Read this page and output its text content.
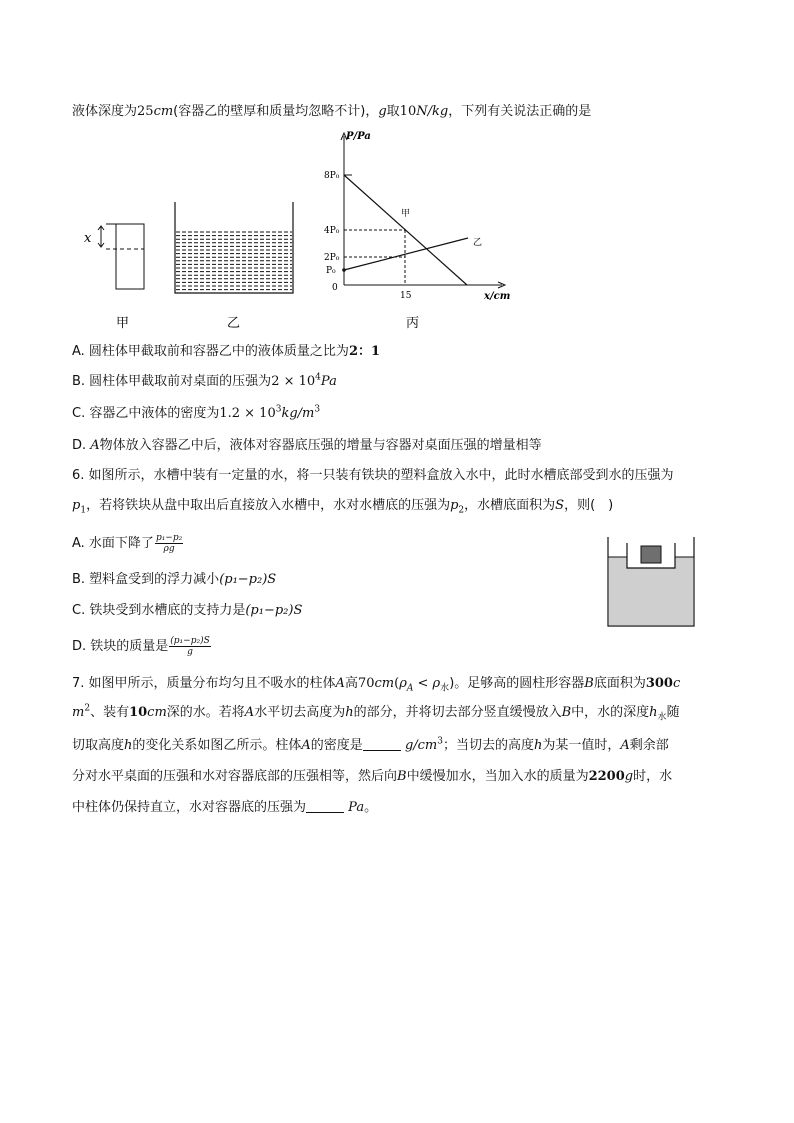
液体深度为25cm(容器乙的壁厚和质量均忽略不计)，g取10N/kg，下列有关说法正确的是
x
P/Pa
x/cm
8P₀
4P₀
2P₀
P₀
0
15
甲
乙
甲	乙	丙
A. 圆柱体甲截取前和容器乙中的液体质量之比为2：1
B. 圆柱体甲截取前对桌面的压强为$2 \times 10^4Pa$
C. 容器乙中液体的密度为$1.2 \times 10^3kg/m^3$
D. A物体放入容器乙中后，液体对容器底压强的增量与容器对桌面压强的增量相等
6. 如图所示，水槽中装有一定量的水，将一只装有铁块的塑料盒放入水中，此时水槽底部受到水的压强为
$p_1$，若将铁块从盘中取出后直接放入水槽中，水对水槽底的压强为$p_2$，水槽底面积为S，则(　)
A. 水面下降了 $\frac{\text{p₁−p₂}}{\rho g}$
B. 塑料盒受到的浮力减小(p₁−p₂)S
C. 铁块受到水槽底的支持力是(p₁−p₂)S
D. 铁块的质量是 $\frac{\text{(p₁−p₂)S}}{g}$
7. 如图甲所示，质量分布均匀且不吸水的柱体A高$70cm(\rho_A < \rho_水)$。足够高的圆柱形容器B底面积为300c
$m^2$、装有10cm深的水。若将A水平切去高度为h的部分，并将切去部分竖直缓慢放入B中，水的深度$h_水$随
切取高度h的变化关系如图乙所示。柱体A的密度是	$g/cm^3$；当切去的高度h为某一值时，A剩余部
分对水平桌面的压强和水对容器底部的压强相等，然后向B中缓慢加水，当加入水的质量为2200g时，水
中柱体仍保持直立，水对容器底的压强为	Pa。
